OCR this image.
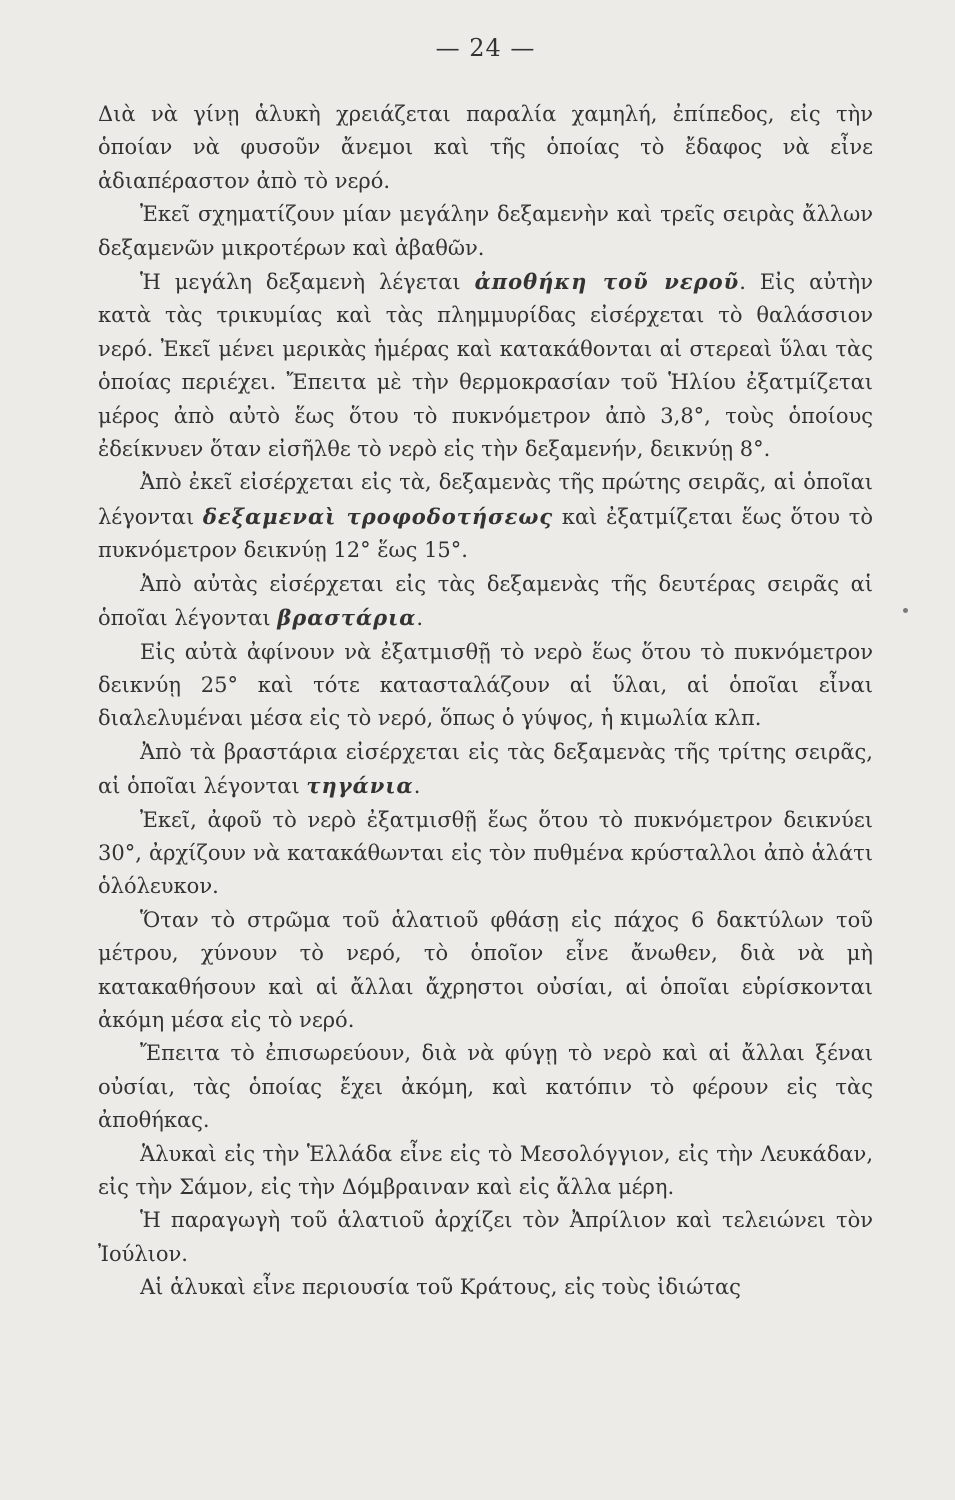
— 24 —

Διὰ νὰ γίνῃ ἁλυκὴ χρειάζεται παραλία χαμηλή, ἐπίπεδος, εἰς τὴν ὁποίαν νὰ φυσοῦν ἄνεμοι καὶ τῆς ὁποίας τὸ ἔδαφος νὰ εἶνε ἀδιαπέραστον ἀπὸ τὸ νερό.

Ἐκεῖ σχηματίζουν μίαν μεγάλην δεξαμενὴν καὶ τρεῖς σειρὰς ἄλλων δεξαμενῶν μικροτέρων καὶ ἀβαθῶν.

Ἡ μεγάλη δεξαμενὴ λέγεται ἀποθήκη τοῦ νεροῦ. Εἰς αὐτὴν κατὰ τὰς τρικυμίας καὶ τὰς πλημμυρίδας εἰσέρχεται τὸ θαλάσσιον νερό. Ἐκεῖ μένει μερικὰς ἡμέρας καὶ κατακάθονται αἱ στερεαὶ ὕλαι τὰς ὁποίας περιέχει. Ἔπειτα μὲ τὴν θερμοκρασίαν τοῦ Ἡλίου ἐξατμίζεται μέρος ἀπὸ αὐτὸ ἕως ὅτου τὸ πυκνόμετρον ἀπὸ 3,8°, τοὺς ὁποίους ἐδείκνυεν ὅταν εἰσῆλθε τὸ νερὸ εἰς τὴν δεξαμενήν, δεικνύῃ 8°.

Ἀπὸ ἐκεῖ εἰσέρχεται εἰς τὰ, δεξαμενὰς τῆς πρώτης σειρᾶς, αἱ ὁποῖαι λέγονται δεξαμεναὶ τροφοδοτήσεως καὶ ἐξατμίζεται ἕως ὅτου τὸ πυκνόμετρον δεικνύῃ 12° ἕως 15°.

Ἀπὸ αὐτὰς εἰσέρχεται εἰς τὰς δεξαμενὰς τῆς δευτέρας σειρᾶς αἱ ὁποῖαι λέγονται βραστάρια.

Εἰς αὐτὰ ἀφίνουν νὰ ἐξατμισθῇ τὸ νερὸ ἕως ὅτου τὸ πυκνόμετρον δεικνύῃ 25° καὶ τότε κατασταλάζουν αἱ ὕλαι, αἱ ὁποῖαι εἶναι διαλελυμέναι μέσα εἰς τὸ νερό, ὅπως ὁ γύψος, ἡ κιμωλία κλπ.

Ἀπὸ τὰ βραστάρια εἰσέρχεται εἰς τὰς δεξαμενὰς τῆς τρίτης σειρᾶς, αἱ ὁποῖαι λέγονται τηγάνια.

Ἐκεῖ, ἀφοῦ τὸ νερὸ ἐξατμισθῇ ἕως ὅτου τὸ πυκνόμετρον δεικνύει 30°, ἀρχίζουν νὰ κατακάθωνται εἰς τὸν πυθμένα κρύσταλλοι ἀπὸ ἁλάτι ὁλόλευκον.

Ὅταν τὸ στρῶμα τοῦ ἁλατιοῦ φθάσῃ εἰς πάχος 6 δακτύλων τοῦ μέτρου, χύνουν τὸ νερό, τὸ ὁποῖον εἶνε ἄνωθεν, διὰ νὰ μὴ κατακαθήσουν καὶ αἱ ἄλλαι ἄχρηστοι οὐσίαι, αἱ ὁποῖαι εὑρίσκονται ἀκόμη μέσα εἰς τὸ νερό.

Ἔπειτα τὸ ἐπισωρεύουν, διὰ νὰ φύγῃ τὸ νερὸ καὶ αἱ ἄλλαι ξέναι οὐσίαι, τὰς ὁποίας ἔχει ἀκόμη, καὶ κατόπιν τὸ φέρουν εἰς τὰς ἀποθήκας.

Ἁλυκαὶ εἰς τὴν Ἑλλάδα εἶνε εἰς τὸ Μεσολόγγιον, εἰς τὴν Λευκάδαν, εἰς τὴν Σάμον, εἰς τὴν Δόμβραιναν καὶ εἰς ἄλλα μέρη.

Ἡ παραγωγὴ τοῦ ἁλατιοῦ ἀρχίζει τὸν Ἀπρίλιον καὶ τελειώνει τὸν Ἰούλιον.

Αἱ ἁλυκαὶ εἶνε περιουσία τοῦ Κράτους, εἰς τοὺς ἰδιώτας
